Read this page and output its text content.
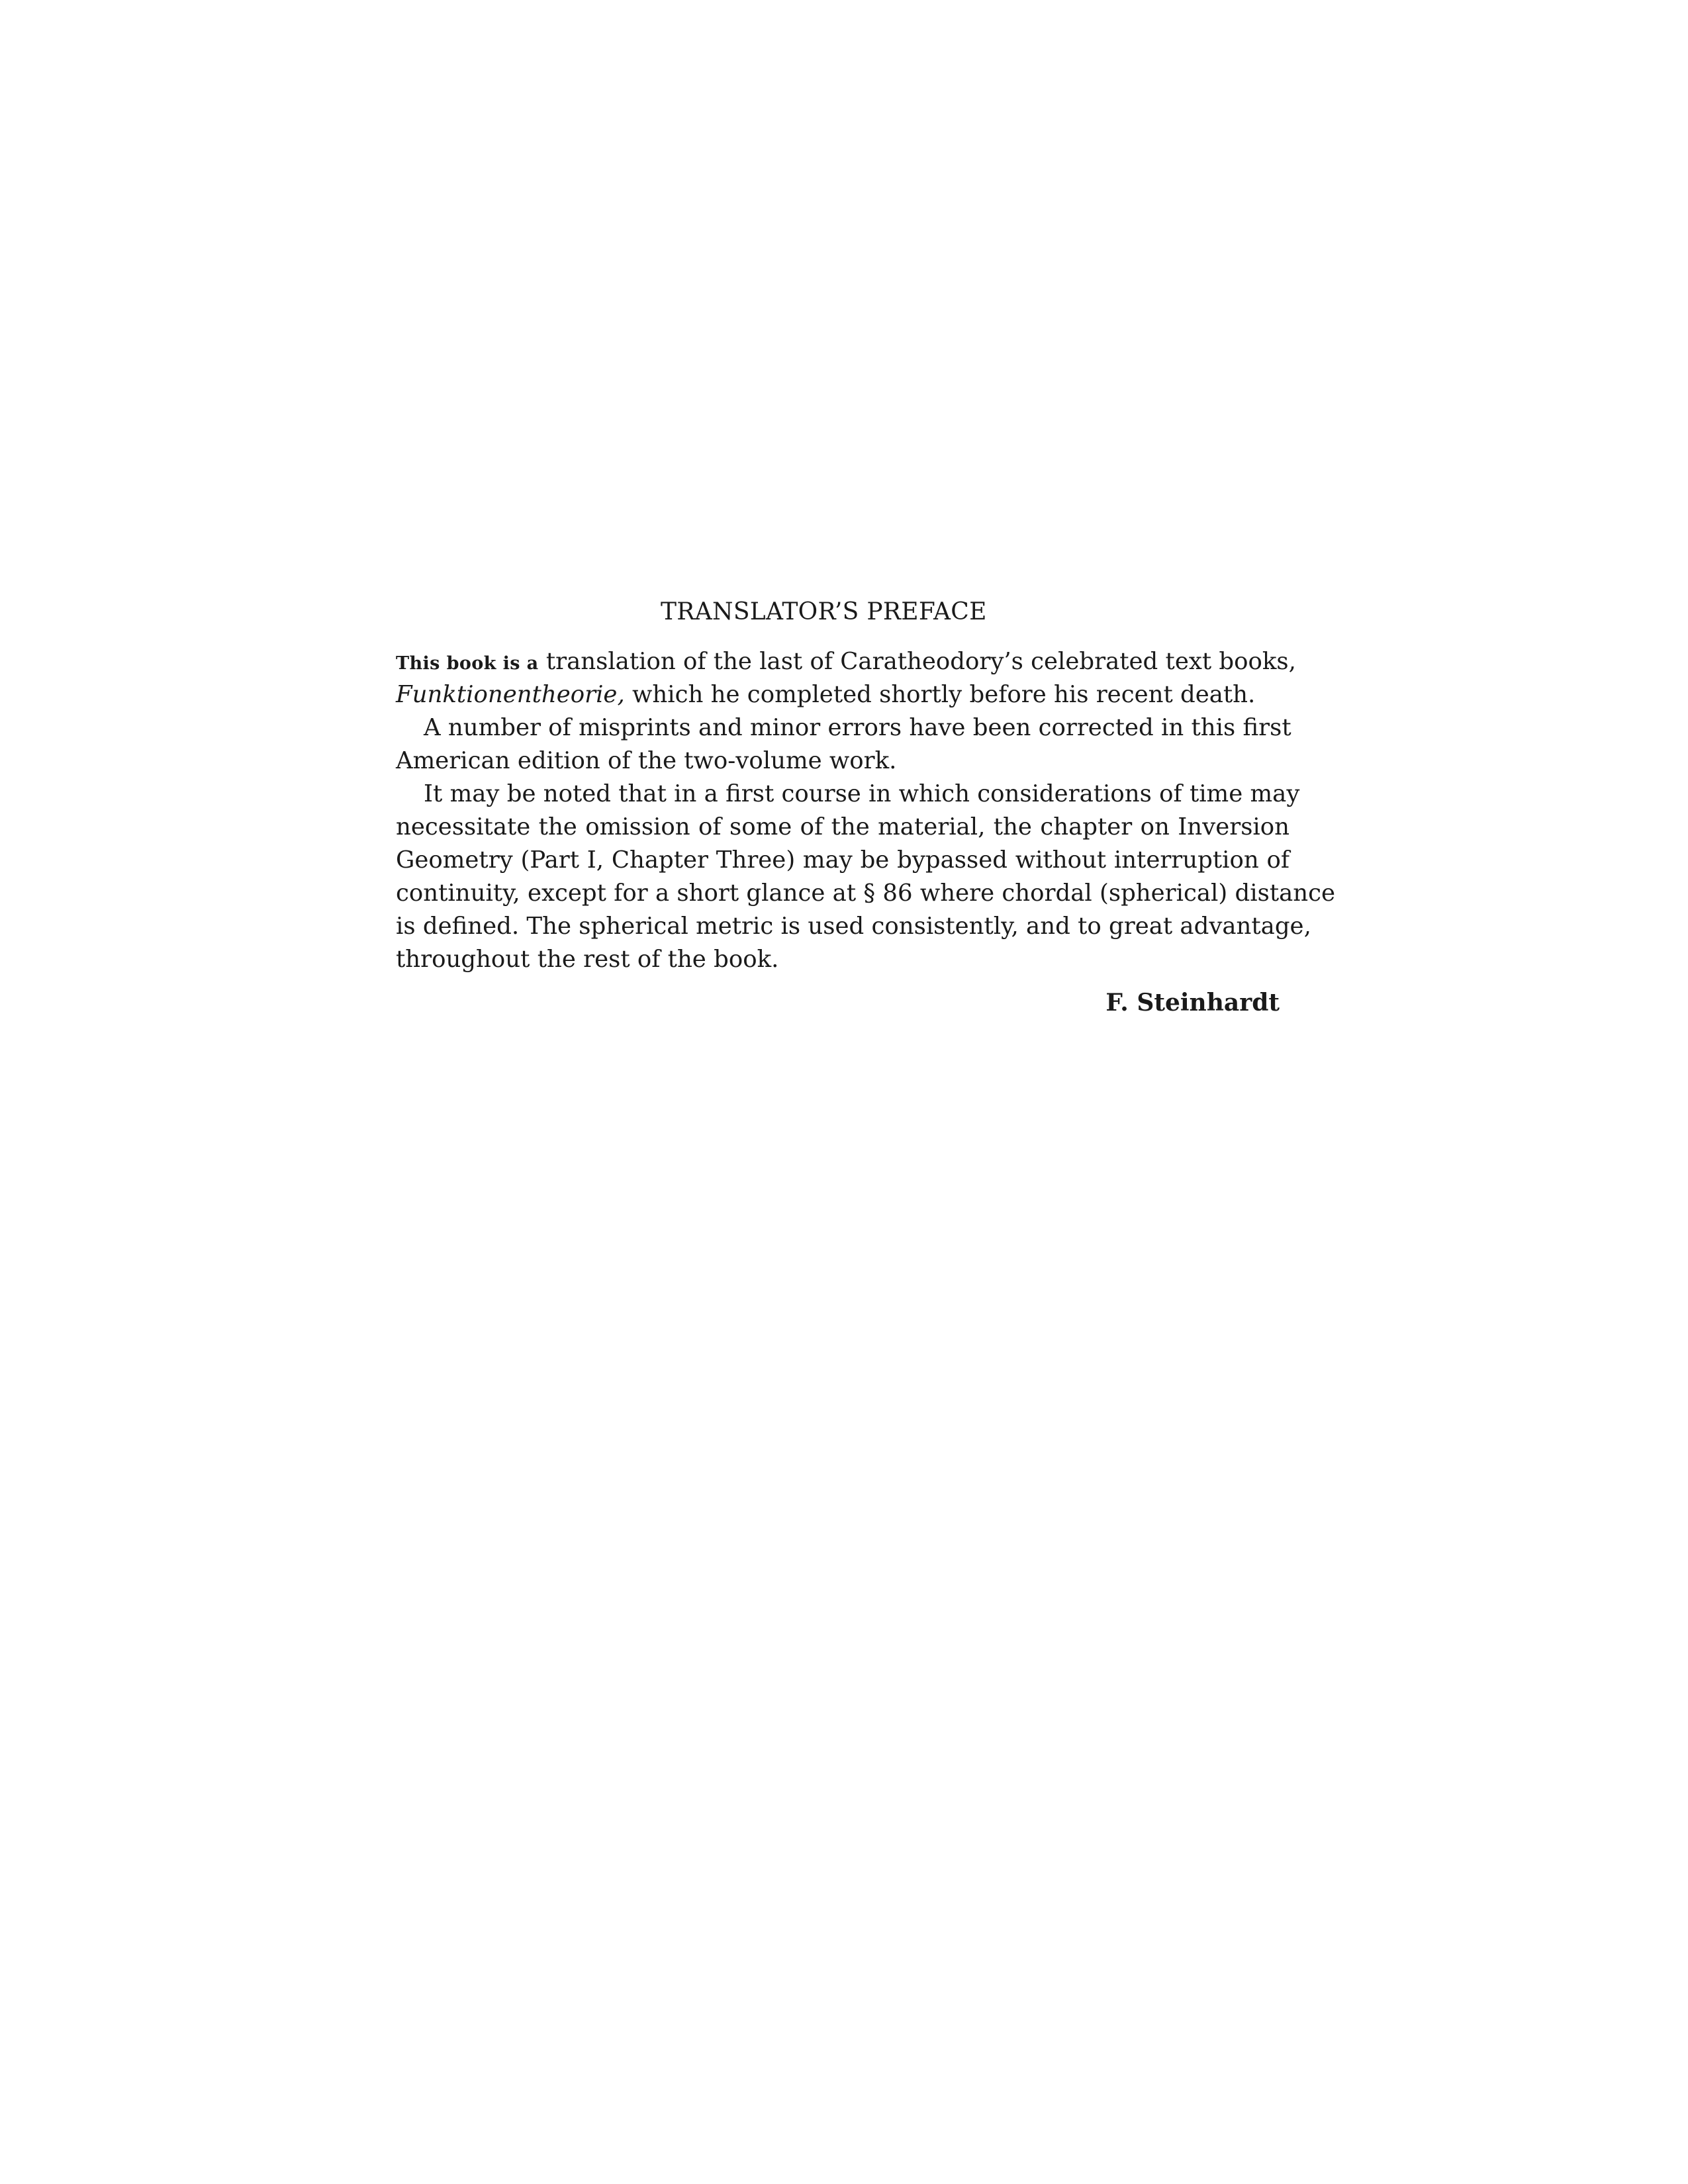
TRANSLATOR’S PREFACE

This book is a translation of the last of Caratheodory’s celebrated text books,

Funktionentheorie, which he completed shortly before his recent death.

A number of misprints and minor errors have been corrected in this first

American edition of the two-volume work.

It may be noted that in a first course in which considerations of time may

necessitate the omission of some of the material, the chapter on Inversion

Geometry (Part I, Chapter Three) may be bypassed without interruption of

continuity, except for a short glance at § 86 where chordal (spherical) distance

is defined. The spherical metric is used consistently, and to great advantage,

throughout the rest of the book.

F. Steinhardt
